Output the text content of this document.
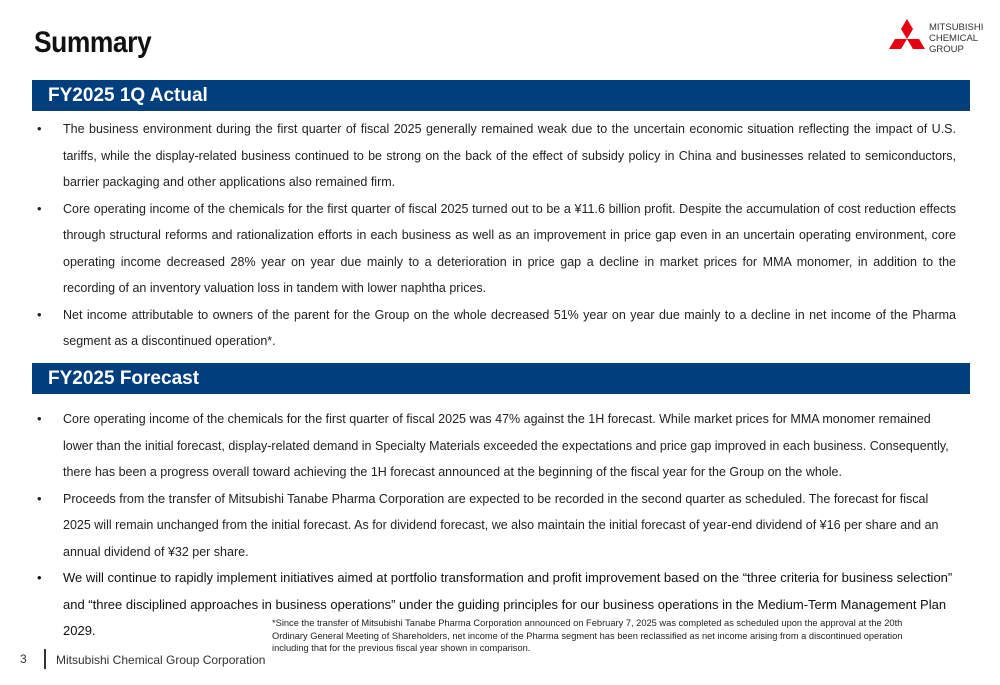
Summary	MITSUBISHI
CHEMICAL
GROUP
FY2025 1Q Actual
• The business environment during the first quarter of fiscal 2025 generally remained weak due to the uncertain economic situation reflecting the impact of U.S. tariffs, while the display-related business continued to be strong on the back of the effect of subsidy policy in China and businesses related to semiconductors, barrier packaging and other applications also remained firm.
• Core operating income of the chemicals for the first quarter of fiscal 2025 turned out to be a ¥11.6 billion profit. Despite the accumulation of cost reduction effects through structural reforms and rationalization efforts in each business as well as an improvement in price gap even in an uncertain operating environment, core operating income decreased 28% year on year due mainly to a deterioration in price gap a decline in market prices for MMA monomer, in addition to the recording of an inventory valuation loss in tandem with lower naphtha prices.
• Net income attributable to owners of the parent for the Group on the whole decreased 51% year on year due mainly to a decline in net income of the Pharma segment as a discontinued operation*.
FY2025 Forecast
• Core operating income of the chemicals for the first quarter of fiscal 2025 was 47% against the 1H forecast. While market prices for MMA monomer remained lower than the initial forecast, display-related demand in Specialty Materials exceeded the expectations and price gap improved in each business. Consequently, there has been a progress overall toward achieving the 1H forecast announced at the beginning of the fiscal year for the Group on the whole.
• Proceeds from the transfer of Mitsubishi Tanabe Pharma Corporation are expected to be recorded in the second quarter as scheduled. The forecast for fiscal 2025 will remain unchanged from the initial forecast. As for dividend forecast, we also maintain the initial forecast of year-end dividend of ¥16 per share and an annual dividend of ¥32 per share.
• We will continue to rapidly implement initiatives aimed at portfolio transformation and profit improvement based on the “three criteria for business selection” and “three disciplined approaches in business operations” under the guiding principles for our business operations in the Medium-Term Management Plan 2029.	*Since the transfer of Mitsubishi Tanabe Pharma Corporation announced on February 7, 2025 was completed as scheduled upon the approval at the 20th Ordinary General Meeting of Shareholders, net income of the Pharma segment has been reclassified as net income arising from a discontinued operation including that for the previous fiscal year shown in comparison.
3 Mitsubishi Chemical Group Corporation
